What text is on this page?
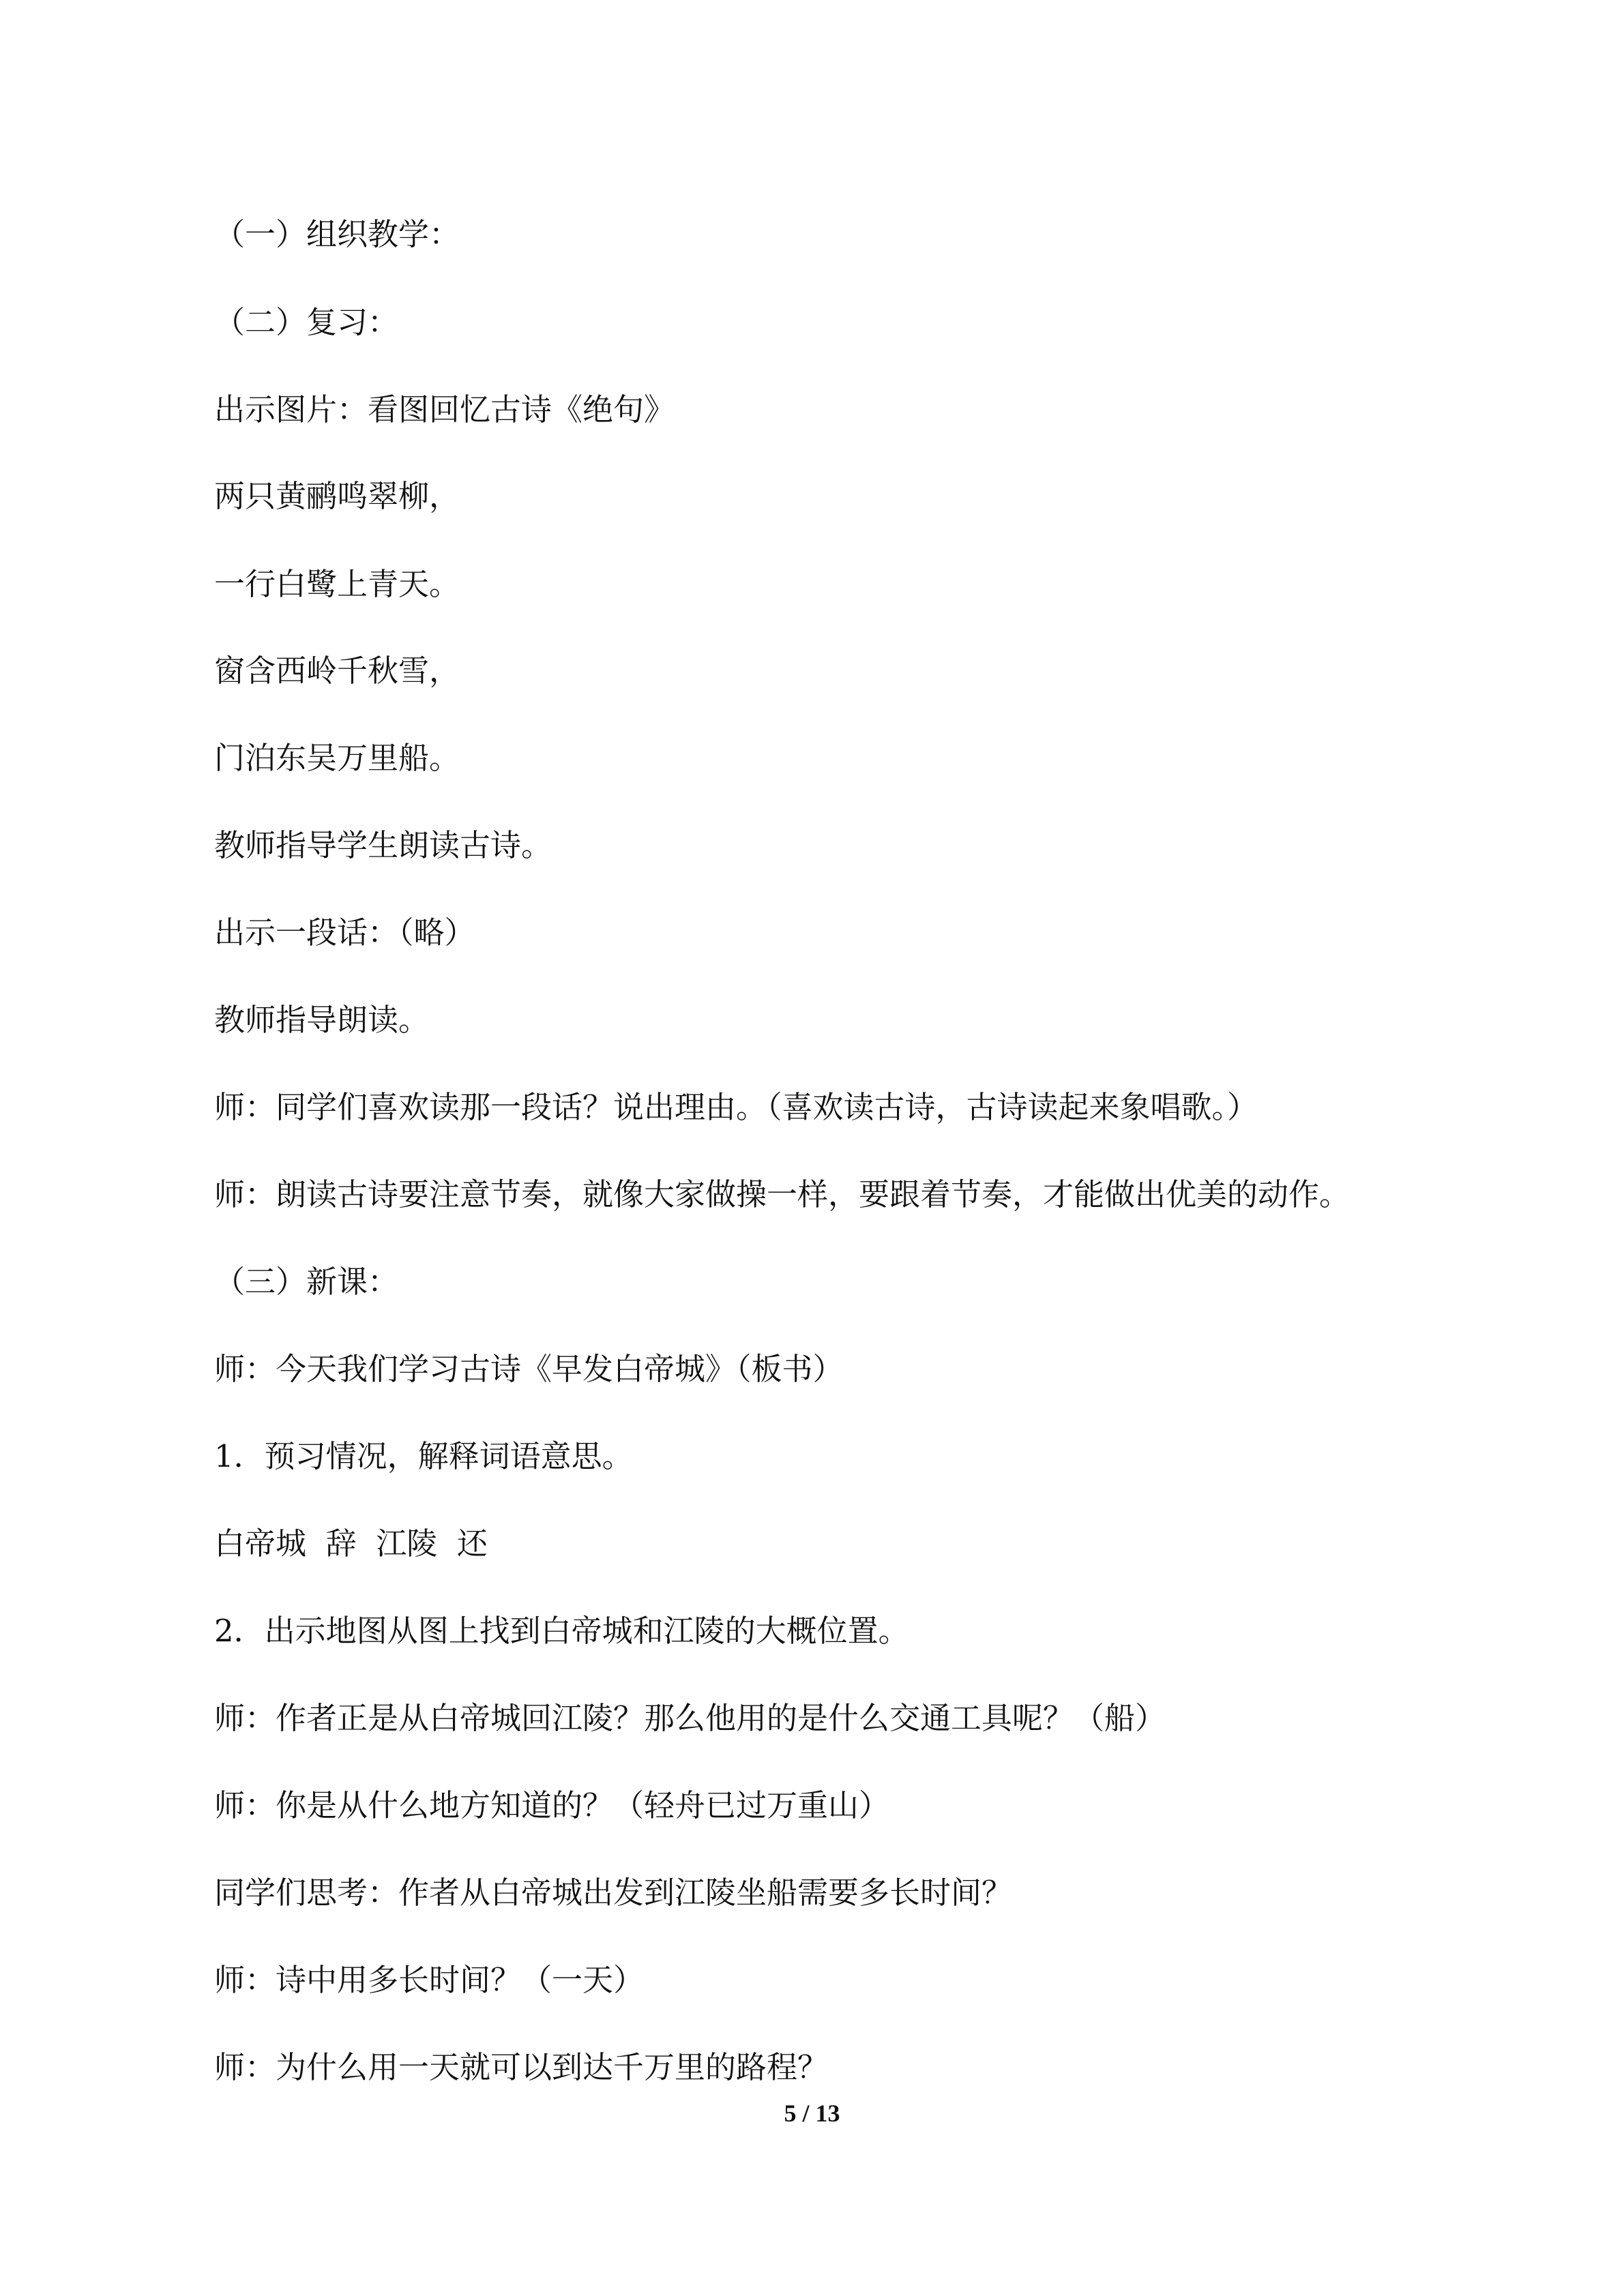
（一）组织教学：
（二）复习：
出示图片：看图回忆古诗《绝句》
两只黄鹂鸣翠柳，
一行白鹭上青天。
窗含西岭千秋雪，
门泊东吴万里船。
教师指导学生朗读古诗。
出示一段话：（略）
教师指导朗读。
师：同学们喜欢读那一段话？说出理由。（喜欢读古诗，古诗读起来象唱歌。）
师：朗读古诗要注意节奏，就像大家做操一样，要跟着节奏，才能做出优美的动作。
（三）新课：
师：今天我们学习古诗《早发白帝城》（板书）
1．预习情况，解释词语意思。
白帝城  辞  江陵  还
2．出示地图从图上找到白帝城和江陵的大概位置。
师：作者正是从白帝城回江陵？那么他用的是什么交通工具呢？（船）
师：你是从什么地方知道的？（轻舟已过万重山）
同学们思考：作者从白帝城出发到江陵坐船需要多长时间？
师：诗中用多长时间？（一天）
师：为什么用一天就可以到达千万里的路程？
5 / 13
